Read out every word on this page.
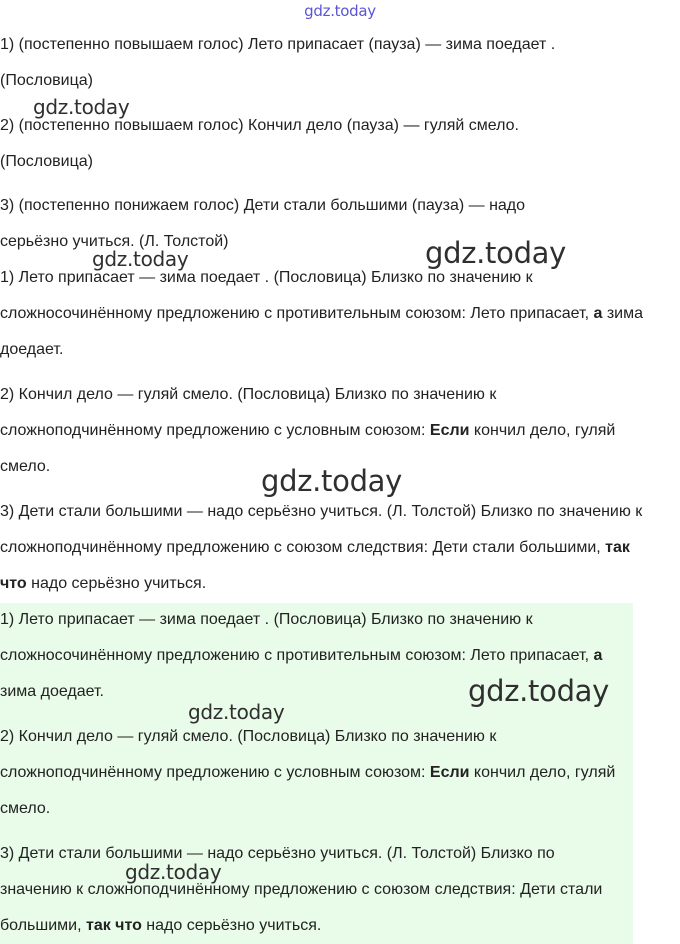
gdz.today
1) (постепенно повышаем голос) Лето припасает (пауза) — зима поедает .
(Пословица)
2) (постепенно повышаем голос) Кончил дело (пауза) — гуляй смело.
(Пословица)
3) (постепенно понижаем голос) Дети стали большими (пауза) — надо
серьёзно учиться. (Л. Толстой)

1) Лето припасает — зима поедает . (Пословица) Близко по значению к сложносочинённому предложению с противительным союзом: Лето припасает, а зима доедает.

2) Кончил дело — гуляй смело. (Пословица) Близко по значению к сложноподчинённому предложению с условным союзом: Если кончил дело, гуляй смело.

3) Дети стали большими — надо серьёзно учиться. (Л. Толстой) Близко по значению к сложноподчинённому предложению с союзом следствия: Дети стали большими, так что надо серьёзно учиться.

1) Лето припасает — зима поедает . (Пословица) Близко по значению к сложносочинённому предложению с противительным союзом: Лето припасает, а зима доедает.

2) Кончил дело — гуляй смело. (Пословица) Близко по значению к сложноподчинённому предложению с условным союзом: Если кончил дело, гуляй смело.

3) Дети стали большими — надо серьёзно учиться. (Л. Толстой) Близко по значению к сложноподчинённому предложению с союзом следствия: Дети стали большими, так что надо серьёзно учиться.

gdz.today
gdz.today	gdz.today
gdz.today
gdz.today
gdz.today
gdz.today
